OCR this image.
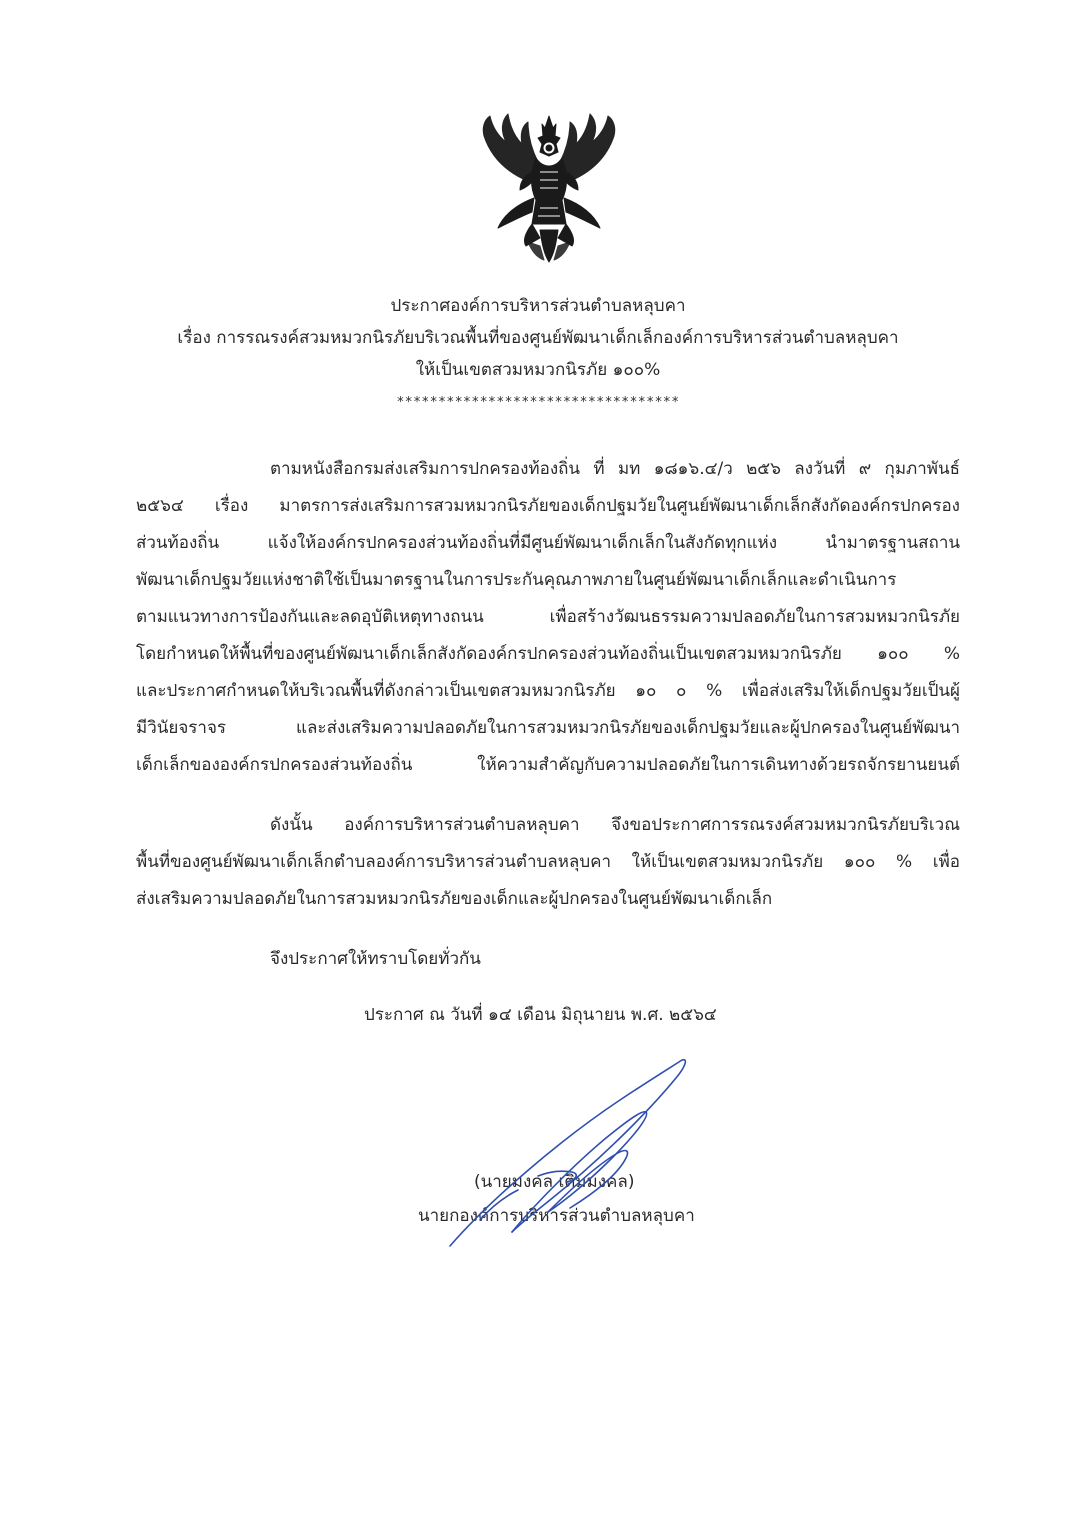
ประกาศองค์การบริหารส่วนตำบลหลุบคา
เรื่อง การรณรงค์สวมหมวกนิรภัยบริเวณพื้นที่ของศูนย์พัฒนาเด็กเล็กองค์การบริหารส่วนตำบลหลุบคา
ให้เป็นเขตสวมหมวกนิรภัย ๑๐๐%
**********************************
ตามหนังสือกรมส่งเสริมการปกครองท้องถิ่น ที่ มท ๑๘๑๖.๔/ว ๒๕๖ ลงวันที่ ๙ กุมภาพันธ์
๒๕๖๔ เรื่อง มาตรการส่งเสริมการสวมหมวกนิรภัยของเด็กปฐมวัยในศูนย์พัฒนาเด็กเล็กสังกัดองค์กรปกครอง
ส่วนท้องถิ่น แจ้งให้องค์กรปกครองส่วนท้องถิ่นที่มีศูนย์พัฒนาเด็กเล็กในสังกัดทุกแห่ง นำมาตรฐานสถาน
พัฒนาเด็กปฐมวัยแห่งชาติใช้เป็นมาตรฐานในการประกันคุณภาพภายในศูนย์พัฒนาเด็กเล็กและดำเนินการ
ตามแนวทางการป้องกันและลดอุบัติเหตุทางถนน เพื่อสร้างวัฒนธรรมความปลอดภัยในการสวมหมวกนิรภัย
โดยกำหนดให้พื้นที่ของศูนย์พัฒนาเด็กเล็กสังกัดองค์กรปกครองส่วนท้องถิ่นเป็นเขตสวมหมวกนิรภัย ๑๐๐ %
และประกาศกำหนดให้บริเวณพื้นที่ดังกล่าวเป็นเขตสวมหมวกนิรภัย ๑๐ ๐ % เพื่อส่งเสริมให้เด็กปฐมวัยเป็นผู้
มีวินัยจราจร และส่งเสริมความปลอดภัยในการสวมหมวกนิรภัยของเด็กปฐมวัยและผู้ปกครองในศูนย์พัฒนา
เด็กเล็กขององค์กรปกครองส่วนท้องถิ่น ให้ความสำคัญกับความปลอดภัยในการเดินทางด้วยรถจักรยานยนต์
ดังนั้น องค์การบริหารส่วนตำบลหลุบคา จึงขอประกาศการรณรงค์สวมหมวกนิรภัยบริเวณ
พื้นที่ของศูนย์พัฒนาเด็กเล็กตำบลองค์การบริหารส่วนตำบลหลุบคา ให้เป็นเขตสวมหมวกนิรภัย ๑๐๐ % เพื่อ
ส่งเสริมความปลอดภัยในการสวมหมวกนิรภัยของเด็กและผู้ปกครองในศูนย์พัฒนาเด็กเล็ก
จึงประกาศให้ทราบโดยทั่วกัน
ประกาศ ณ วันที่ ๑๔ เดือน มิถุนายน พ.ศ. ๒๕๖๔
(นายมงคล เติมมงคล)
นายกองค์การบริหารส่วนตำบลหลุบคา
